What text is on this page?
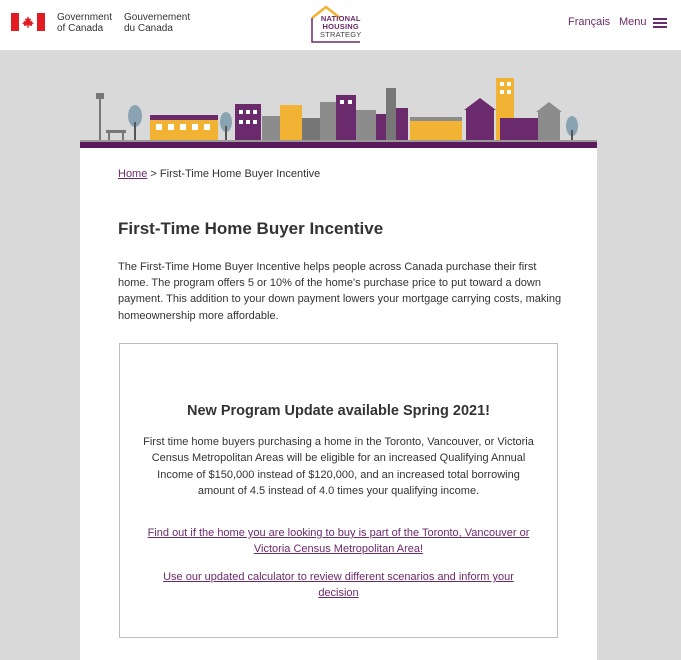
Government
of Canada
Gouvernement
du Canada
NATIONAL
HOUSING
STRATEGY
Français Menu
Home > First-Time Home Buyer Incentive
First-Time Home Buyer Incentive

The First-Time Home Buyer Incentive helps people across Canada purchase their first home. The program offers 5 or 10% of the home's purchase price to put toward a down payment. This addition to your down payment lowers your mortgage carrying costs, making homeownership more affordable.

New Program Update available Spring 2021!

First time home buyers purchasing a home in the Toronto, Vancouver, or Victoria Census Metropolitan Areas will be eligible for an increased Qualifying Annual Income of $150,000 instead of $120,000, and an increased total borrowing amount of 4.5 instead of 4.0 times your qualifying income.

Find out if the home you are looking to buy is part of the Toronto, Vancouver or Victoria Census Metropolitan Area!
Use our updated calculator to review different scenarios and inform your decision
